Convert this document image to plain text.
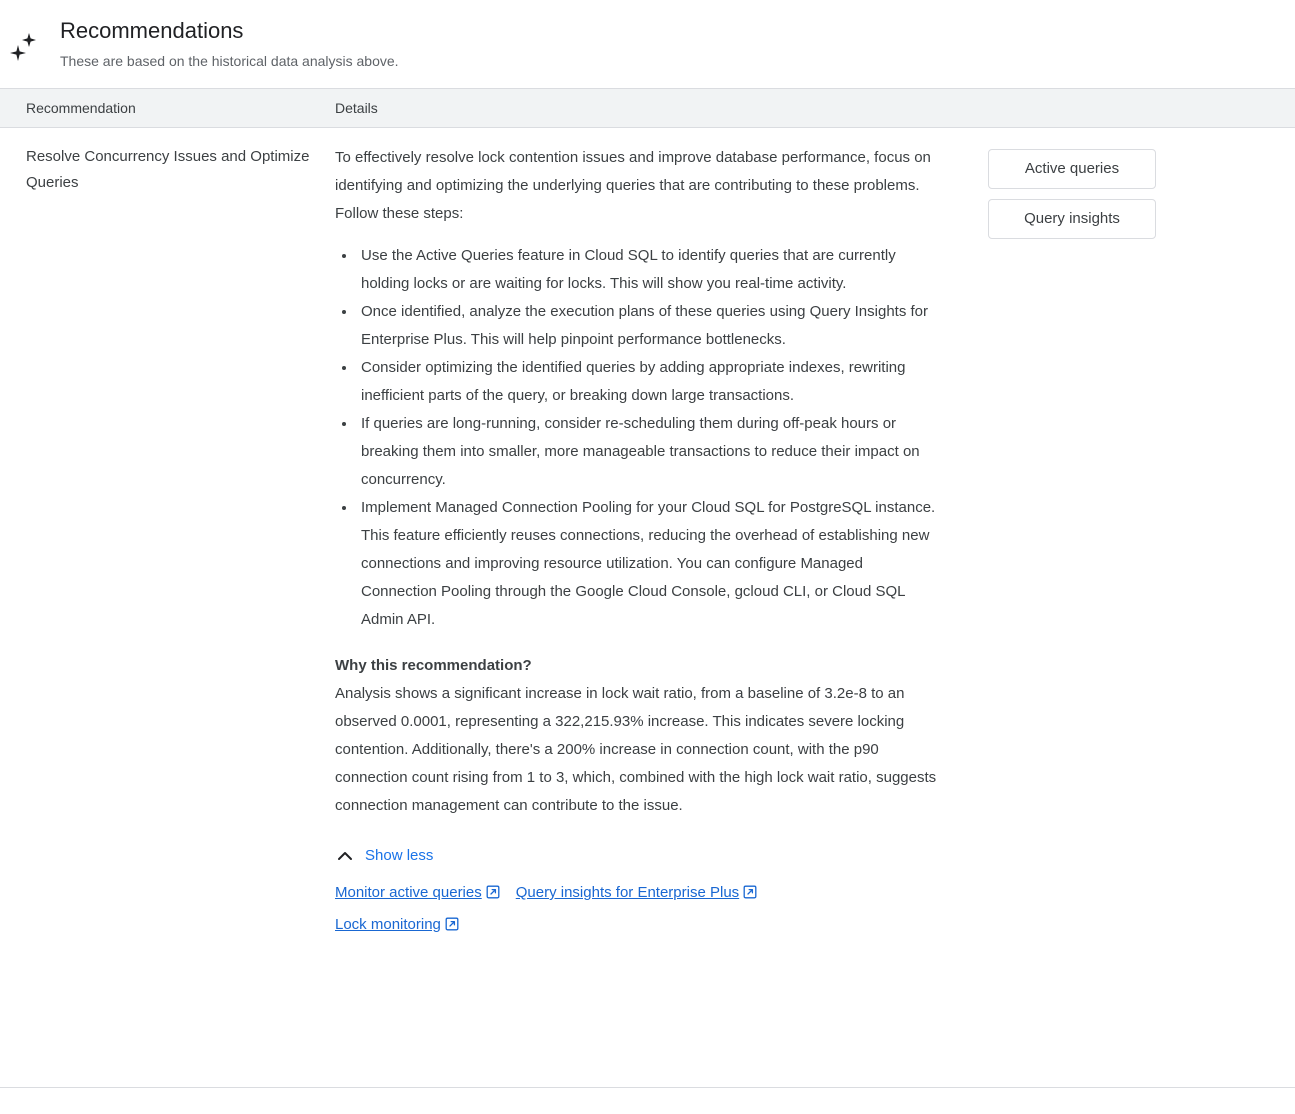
Recommendations
These are based on the historical data analysis above.
Recommendation	Details
Resolve Concurrency Issues and Optimize Queries

To effectively resolve lock contention issues and improve database performance, focus on identifying and optimizing the underlying queries that are contributing to these problems. Follow these steps:

• Use the Active Queries feature in Cloud SQL to identify queries that are currently holding locks or are waiting for locks. This will show you real-time activity.
• Once identified, analyze the execution plans of these queries using Query Insights for Enterprise Plus. This will help pinpoint performance bottlenecks.
• Consider optimizing the identified queries by adding appropriate indexes, rewriting inefficient parts of the query, or breaking down large transactions.
• If queries are long-running, consider re-scheduling them during off-peak hours or breaking them into smaller, more manageable transactions to reduce their impact on concurrency.
• Implement Managed Connection Pooling for your Cloud SQL for PostgreSQL instance. This feature efficiently reuses connections, reducing the overhead of establishing new connections and improving resource utilization. You can configure Managed Connection Pooling through the Google Cloud Console, gcloud CLI, or Cloud SQL Admin API.
Why this recommendation?

Analysis shows a significant increase in lock wait ratio, from a baseline of 3.2e-8 to an observed 0.0001, representing a 322,215.93% increase. This indicates severe locking contention. Additionally, there's a 200% increase in connection count, with the p90 connection count rising from 1 to 3, which, combined with the high lock wait ratio, suggests connection management can contribute to the issue.

Show less
Monitor active queries Query insights for Enterprise Plus
Lock monitoring
Active queries
Query insights
